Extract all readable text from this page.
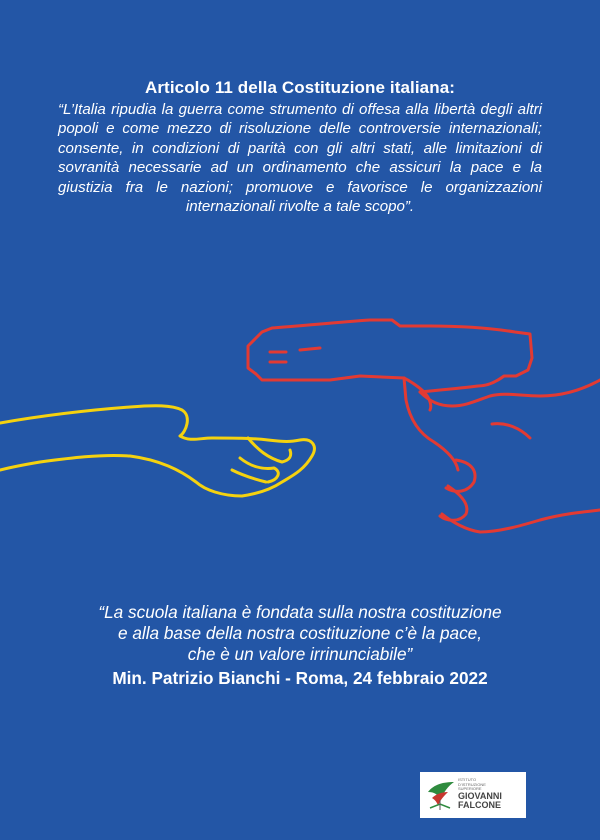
Articolo 11 della Costituzione italiana:

“L’Italia ripudia la guerra come strumento di offesa alla libertà degli altri popoli e come mezzo di risoluzione delle controversie internazionali; consente, in condizioni di parità con gli altri stati, alle limitazioni di sovranità necessarie ad un ordinamento che assicuri la pace e la giustizia fra le nazioni; promuove e favorisce le organizzazioni internazionali rivolte a tale scopo”.

“La scuola italiana è fondata sulla nostra costituzione

e alla base della nostra costituzione c’è la pace,

che è un valore irrinunciabile”

Min. Patrizio Bianchi - Roma, 24 febbraio 2022

ISTITUTO
D'ISTRUZIONE
SUPERIORE
GIOVANNI
FALCONE
